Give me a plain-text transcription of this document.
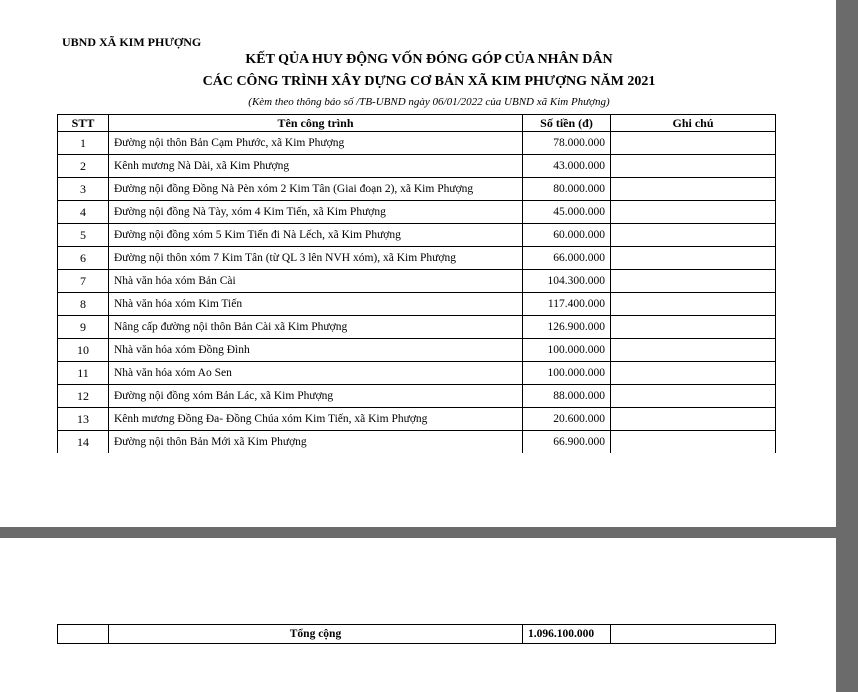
UBND XÃ KIM PHƯỢNG
KẾT QỦA HUY ĐỘNG VỐN ĐÓNG GÓP CỦA NHÂN DÂN
CÁC CÔNG TRÌNH XÂY DỰNG CƠ BẢN XÃ KIM PHƯỢNG NĂM 2021
(Kèm theo thông báo số /TB-UBND ngày 06/01/2022 của UBND xã Kim Phượng)
STT	Tên công trình	Số tiền (đ)	Ghi chú
1	Đường nội thôn Bản Cạm Phước, xã Kim Phượng	78.000.000	
2	Kênh mương Nà Dài, xã Kim Phượng	43.000.000	
3	Đường nội đồng Đồng Nà Pèn xóm 2 Kim Tân (Giai đoạn 2), xã Kim Phượng	80.000.000	
4	Đường nội đồng Nà Tày, xóm 4 Kim Tiến, xã Kim Phượng	45.000.000	
5	Đường nội đồng xóm 5 Kim Tiến đi Nà Lếch, xã Kim Phượng	60.000.000	
6	Đường nội thôn xóm 7 Kim Tân (từ QL 3 lên NVH xóm), xã Kim Phượng	66.000.000	
7	Nhà văn hóa xóm Bản Cài	104.300.000	
8	Nhà văn hóa xóm Kim Tiến	117.400.000	
9	Nâng cấp đường nội thôn Bản Cài xã Kim Phượng	126.900.000	
10	Nhà văn hóa xóm Đồng Đình	100.000.000	
11	Nhà văn hóa xóm Ao Sen	100.000.000	
12	Đường nội đồng xóm Bản Lác, xã Kim Phượng	88.000.000	
13	Kênh mương Đồng Đa- Đồng Chúa xóm Kim Tiến, xã Kim Phượng	20.600.000	
14	Đường nội thôn Bản Mới xã Kim Phượng	66.900.000	
	Tổng cộng	1.096.100.000	
